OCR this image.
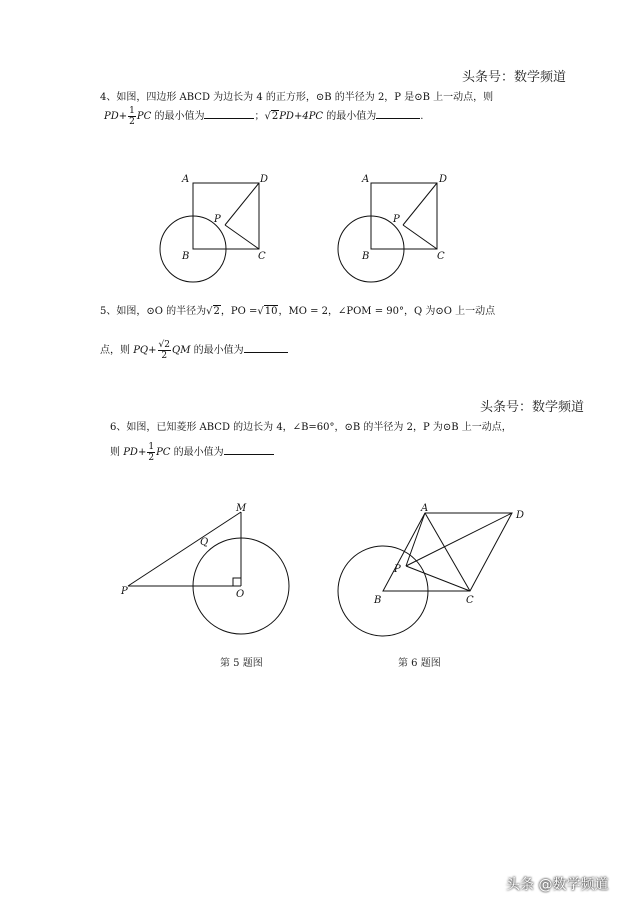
头条号：数学频道
头条号：数学频道
4、如图，四边形 ABCD 为边长为 4 的正方形，⊙B 的半径为 2，P 是⊙B 上一动点，则
$PD+ \frac{1}{2}$ PC 的最小值为	；√2PD+4PC 的最小值为	.
A	D
P
B	C
A	D
P
B	C
M
Q
P	O
A
D
P
B	C
5、如图，⊙O 的半径为√2，PO =√10，MO = 2，∠POM = 90°，Q 为⊙O 上一动点
点，则 $PQ+ \frac{√2}{2}$ QM 的最小值为
6、如图，已知菱形 ABCD 的边长为 4，∠B=60°，⊙B 的半径为 2，P 为⊙B 上一动点，
则 $PD+ \frac{1}{2}$ PC 的最小值为
第 5 题图	第 6 题图
头条 @数学频道
